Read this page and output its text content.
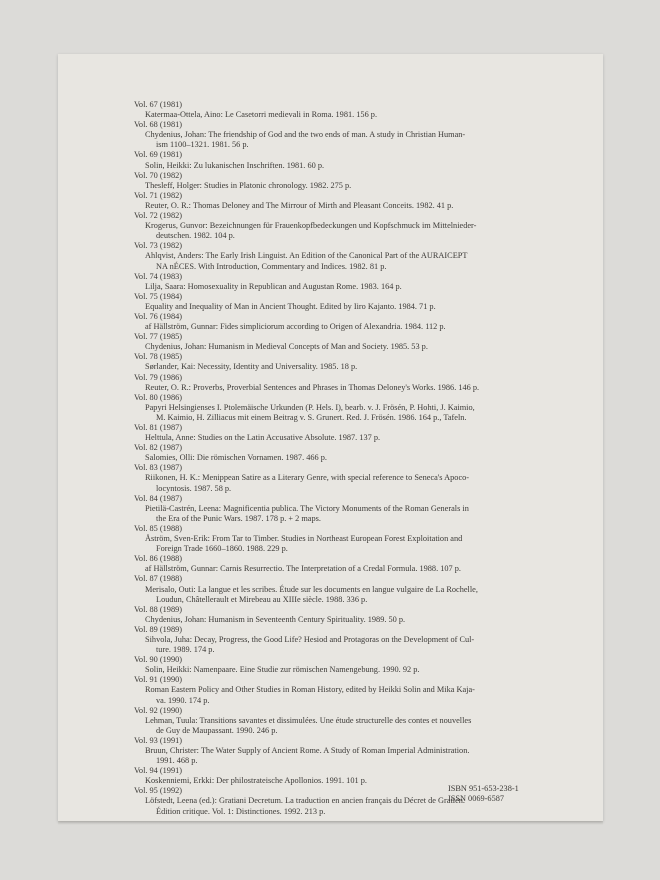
Vol. 67 (1981)
Katermaa-Ottela, Aino: Le Casetorri medievali in Roma. 1981. 156 p.
Vol. 68 (1981)
Chydenius, Johan: The friendship of God and the two ends of man. A study in Christian Human-
ism 1100–1321. 1981. 56 p.
Vol. 69 (1981)
Solin, Heikki: Zu lukanischen Inschriften. 1981. 60 p.
Vol. 70 (1982)
Thesleff, Holger: Studies in Platonic chronology. 1982. 275 p.
Vol. 71 (1982)
Reuter, O. R.: Thomas Deloney and The Mirrour of Mirth and Pleasant Conceits. 1982. 41 p.
Vol. 72 (1982)
Krogerus, Gunvor: Bezeichnungen für Frauenkopfbedeckungen und Kopfschmuck im Mittelnieder-
deutschen. 1982. 104 p.
Vol. 73 (1982)
Ahlqvist, Anders: The Early Irish Linguist. An Edition of the Canonical Part of the AURAICEPT
NA nÉCES. With Introduction, Commentary and Indices. 1982. 81 p.
Vol. 74 (1983)
Lilja, Saara: Homosexuality in Republican and Augustan Rome. 1983. 164 p.
Vol. 75 (1984)
Equality and Inequality of Man in Ancient Thought. Edited by Iiro Kajanto. 1984. 71 p.
Vol. 76 (1984)
af Hällström, Gunnar: Fides simpliciorum according to Origen of Alexandria. 1984. 112 p.
Vol. 77 (1985)
Chydenius, Johan: Humanism in Medieval Concepts of Man and Society. 1985. 53 p.
Vol. 78 (1985)
Sørlander, Kai: Necessity, Identity and Universality. 1985. 18 p.
Vol. 79 (1986)
Reuter, O. R.: Proverbs, Proverbial Sentences and Phrases in Thomas Deloney's Works. 1986. 146 p.
Vol. 80 (1986)
Papyri Helsingienses I. Ptolemäische Urkunden (P. Hels. I), bearb. v. J. Frösén, P. Hohti, J. Kaimio,
M. Kaimio, H. Zilliacus mit einem Beitrag v. S. Grunert. Red. J. Frösén. 1986. 164 p., Tafeln.
Vol. 81 (1987)
Helttula, Anne: Studies on the Latin Accusative Absolute. 1987. 137 p.
Vol. 82 (1987)
Salomies, Olli: Die römischen Vornamen. 1987. 466 p.
Vol. 83 (1987)
Riikonen, H. K.: Menippean Satire as a Literary Genre, with special reference to Seneca's Apoco-
locyntosis. 1987. 58 p.
Vol. 84 (1987)
Pietilä-Castrén, Leena: Magnificentia publica. The Victory Monuments of the Roman Generals in
the Era of the Punic Wars. 1987. 178 p. + 2 maps.
Vol. 85 (1988)
Åström, Sven-Erik: From Tar to Timber. Studies in Northeast European Forest Exploitation and
Foreign Trade 1660–1860. 1988. 229 p.
Vol. 86 (1988)
af Hällström, Gunnar: Carnis Resurrectio. The Interpretation of a Credal Formula. 1988. 107 p.
Vol. 87 (1988)
Merisalo, Outi: La langue et les scribes. Étude sur les documents en langue vulgaire de La Rochelle,
Loudun, Châtellerault et Mirebeau au XIIIe siècle. 1988. 336 p.
Vol. 88 (1989)
Chydenius, Johan: Humanism in Seventeenth Century Spirituality. 1989. 50 p.
Vol. 89 (1989)
Sihvola, Juha: Decay, Progress, the Good Life? Hesiod and Protagoras on the Development of Cul-
ture. 1989. 174 p.
Vol. 90 (1990)
Solin, Heikki: Namenpaare. Eine Studie zur römischen Namengebung. 1990. 92 p.
Vol. 91 (1990)
Roman Eastern Policy and Other Studies in Roman History, edited by Heikki Solin and Mika Kaja-
va. 1990. 174 p.
Vol. 92 (1990)
Lehman, Tuula: Transitions savantes et dissimulées. Une étude structurelle des contes et nouvelles
de Guy de Maupassant. 1990. 246 p.
Vol. 93 (1991)
Bruun, Christer: The Water Supply of Ancient Rome. A Study of Roman Imperial Administration.
1991. 468 p.
Vol. 94 (1991)
Koskenniemi, Erkki: Der philostrateische Apollonios. 1991. 101 p.
Vol. 95 (1992)
Löfstedt, Leena (ed.): Gratiani Decretum. La traduction en ancien français du Décret de Gratien.
Édition critique. Vol. 1: Distinctiones. 1992. 213 p.
ISBN 951-653-238-1
ISSN 0069-6587
